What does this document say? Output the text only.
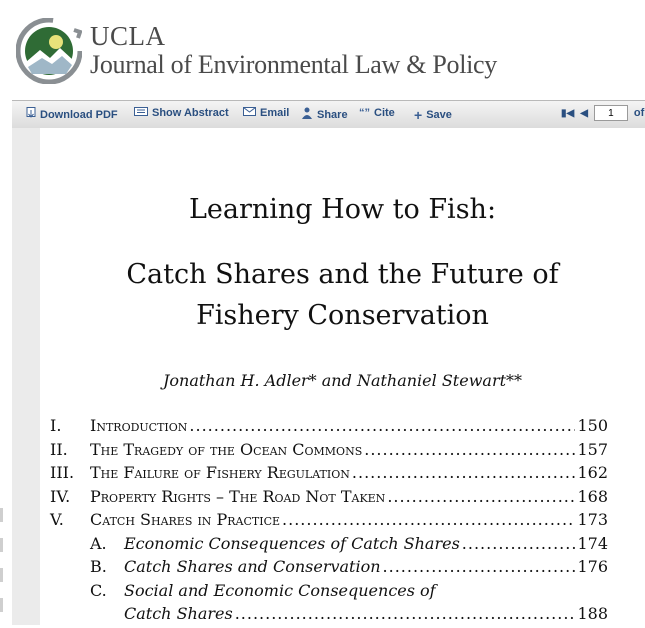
UCLA
Journal of Environmental Law & Policy
Download PDF	Show Abstract	Email	Share “” Cite + Save	▮◀ ◀
1	of
Learning How to Fish:
Catch Shares and the Future of
Fishery Conservation
Jonathan H. Adler* and Nathaniel Stewart**
I.	Introduction .....	150
II.	The Tragedy of the Ocean Commons .....	157
III. The Failure of Fishery Regulation .....	162
IV.	Property Rights – The Road Not Taken .....	168
V.	Catch Shares in Practice .....	173
A.	Economic Consequences of Catch Shares .....	174
B.	Catch Shares and Conservation .....	176
C.	Social and Economic Consequences of
Catch Shares .....	188
